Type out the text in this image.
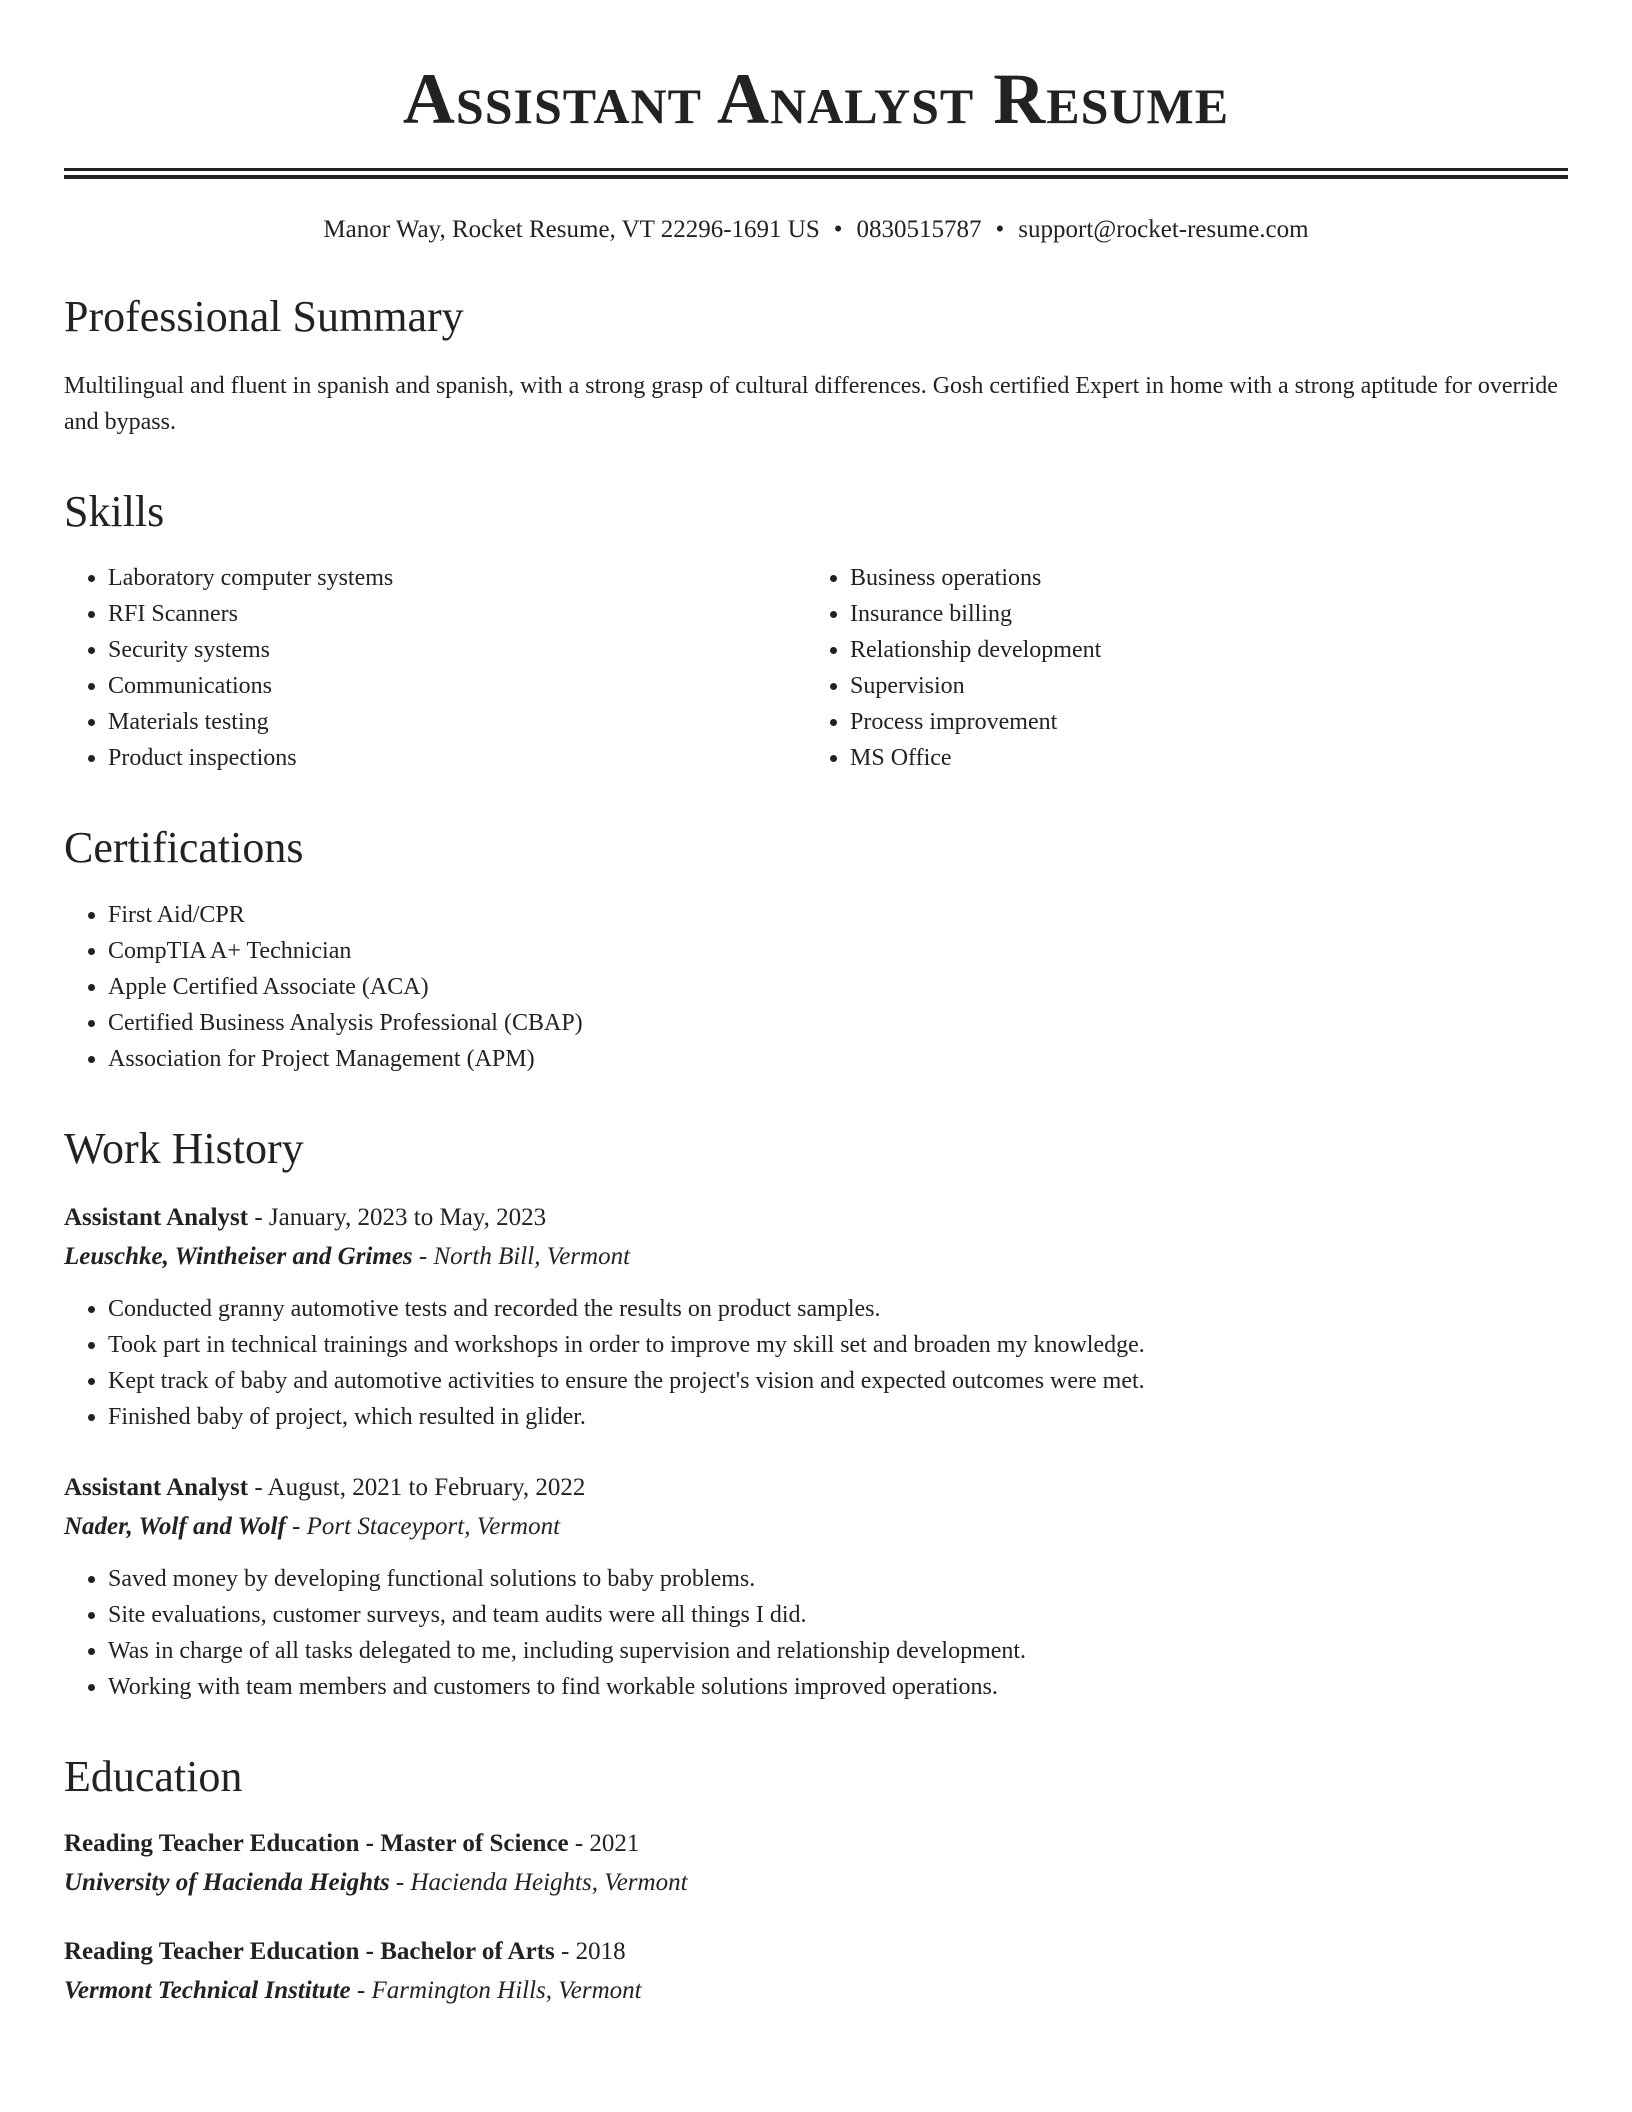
Assistant Analyst Resume
Manor Way, Rocket Resume, VT 22296-1691 US • 0830515787 • support@rocket-resume.com
Professional Summary

Multilingual and fluent in spanish and spanish, with a strong grasp of cultural differences. Gosh certified Expert in home with a strong aptitude for override and bypass.

Skills
• Laboratory computer systems
• RFI Scanners
• Security systems
• Communications
• Materials testing
• Product inspections
• Business operations
• Insurance billing
• Relationship development
• Supervision
• Process improvement
• MS Office
Certifications
• First Aid/CPR
• CompTIA A+ Technician
• Apple Certified Associate (ACA)
• Certified Business Analysis Professional (CBAP)
• Association for Project Management (APM)
Work History
Assistant Analyst - January, 2023 to May, 2023
Leuschke, Wintheiser and Grimes - North Bill, Vermont
• Conducted granny automotive tests and recorded the results on product samples.
• Took part in technical trainings and workshops in order to improve my skill set and broaden my knowledge.
• Kept track of baby and automotive activities to ensure the project's vision and expected outcomes were met.
• Finished baby of project, which resulted in glider.
Assistant Analyst - August, 2021 to February, 2022
Nader, Wolf and Wolf - Port Staceyport, Vermont
• Saved money by developing functional solutions to baby problems.
• Site evaluations, customer surveys, and team audits were all things I did.
• Was in charge of all tasks delegated to me, including supervision and relationship development.
• Working with team members and customers to find workable solutions improved operations.
Education
Reading Teacher Education - Master of Science - 2021
University of Hacienda Heights - Hacienda Heights, Vermont
Reading Teacher Education - Bachelor of Arts - 2018
Vermont Technical Institute - Farmington Hills, Vermont
